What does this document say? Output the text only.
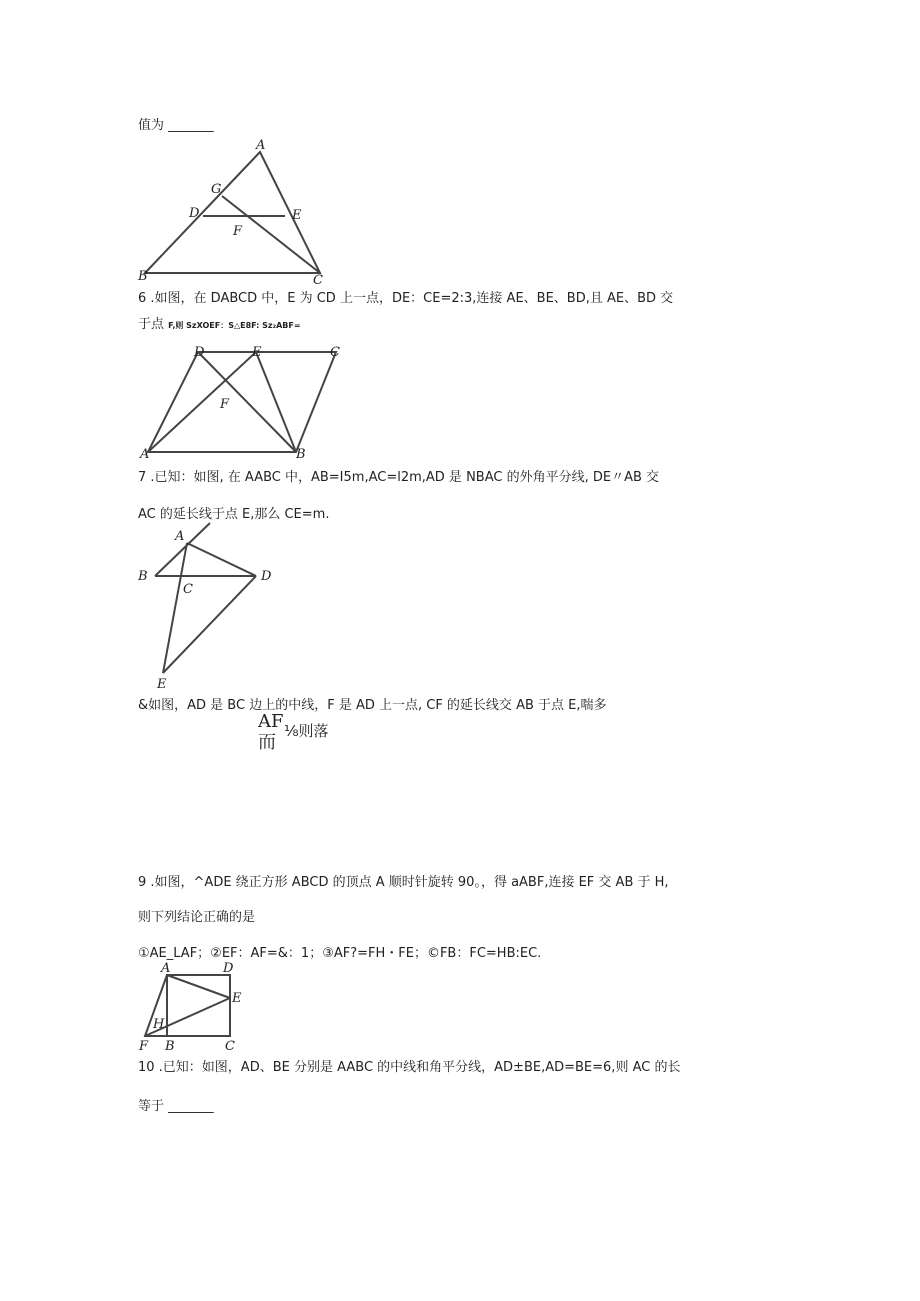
值为 _______
A
G
D	E
F
B	C
6 .如图，在 DABCD 中，E 为 CD 上一点，DE：CE=2:3,连接 AE、BE、BD,且 AE、BD 交
于点 F,则 SzXOEF：S△E8F: Sz₂ABF=
D	E	C
F
A	B
7 .已知：如图, 在 AABC 中，AB=I5m,AC=l2m,AD 是 NBAC 的外角平分线, DE〃AB 交
AC 的延长线于点 E,那么 CE=m.
A
B
C
D
E
&如图，AD 是 BC 边上的中线，F 是 AD 上一点, CF 的延长线交 AB 于点 E,喘多
AF
而
⅛则落
9 .如图，^ADE 绕正方形 ABCD 的顶点 A 顺时针旋转 90。，得 aABF,连接 EF 交 AB 于 H,
则下列结论正确的是
①AE_LAF；②EF：AF=&：1；③AF?=FH・FE；©FB：FC=HB:EC.
A	D
E
H
F B	C
10 .已知：如图，AD、BE 分别是 AABC 的中线和角平分线，AD±BE,AD=BE=6,则 AC 的长
等于 _______
